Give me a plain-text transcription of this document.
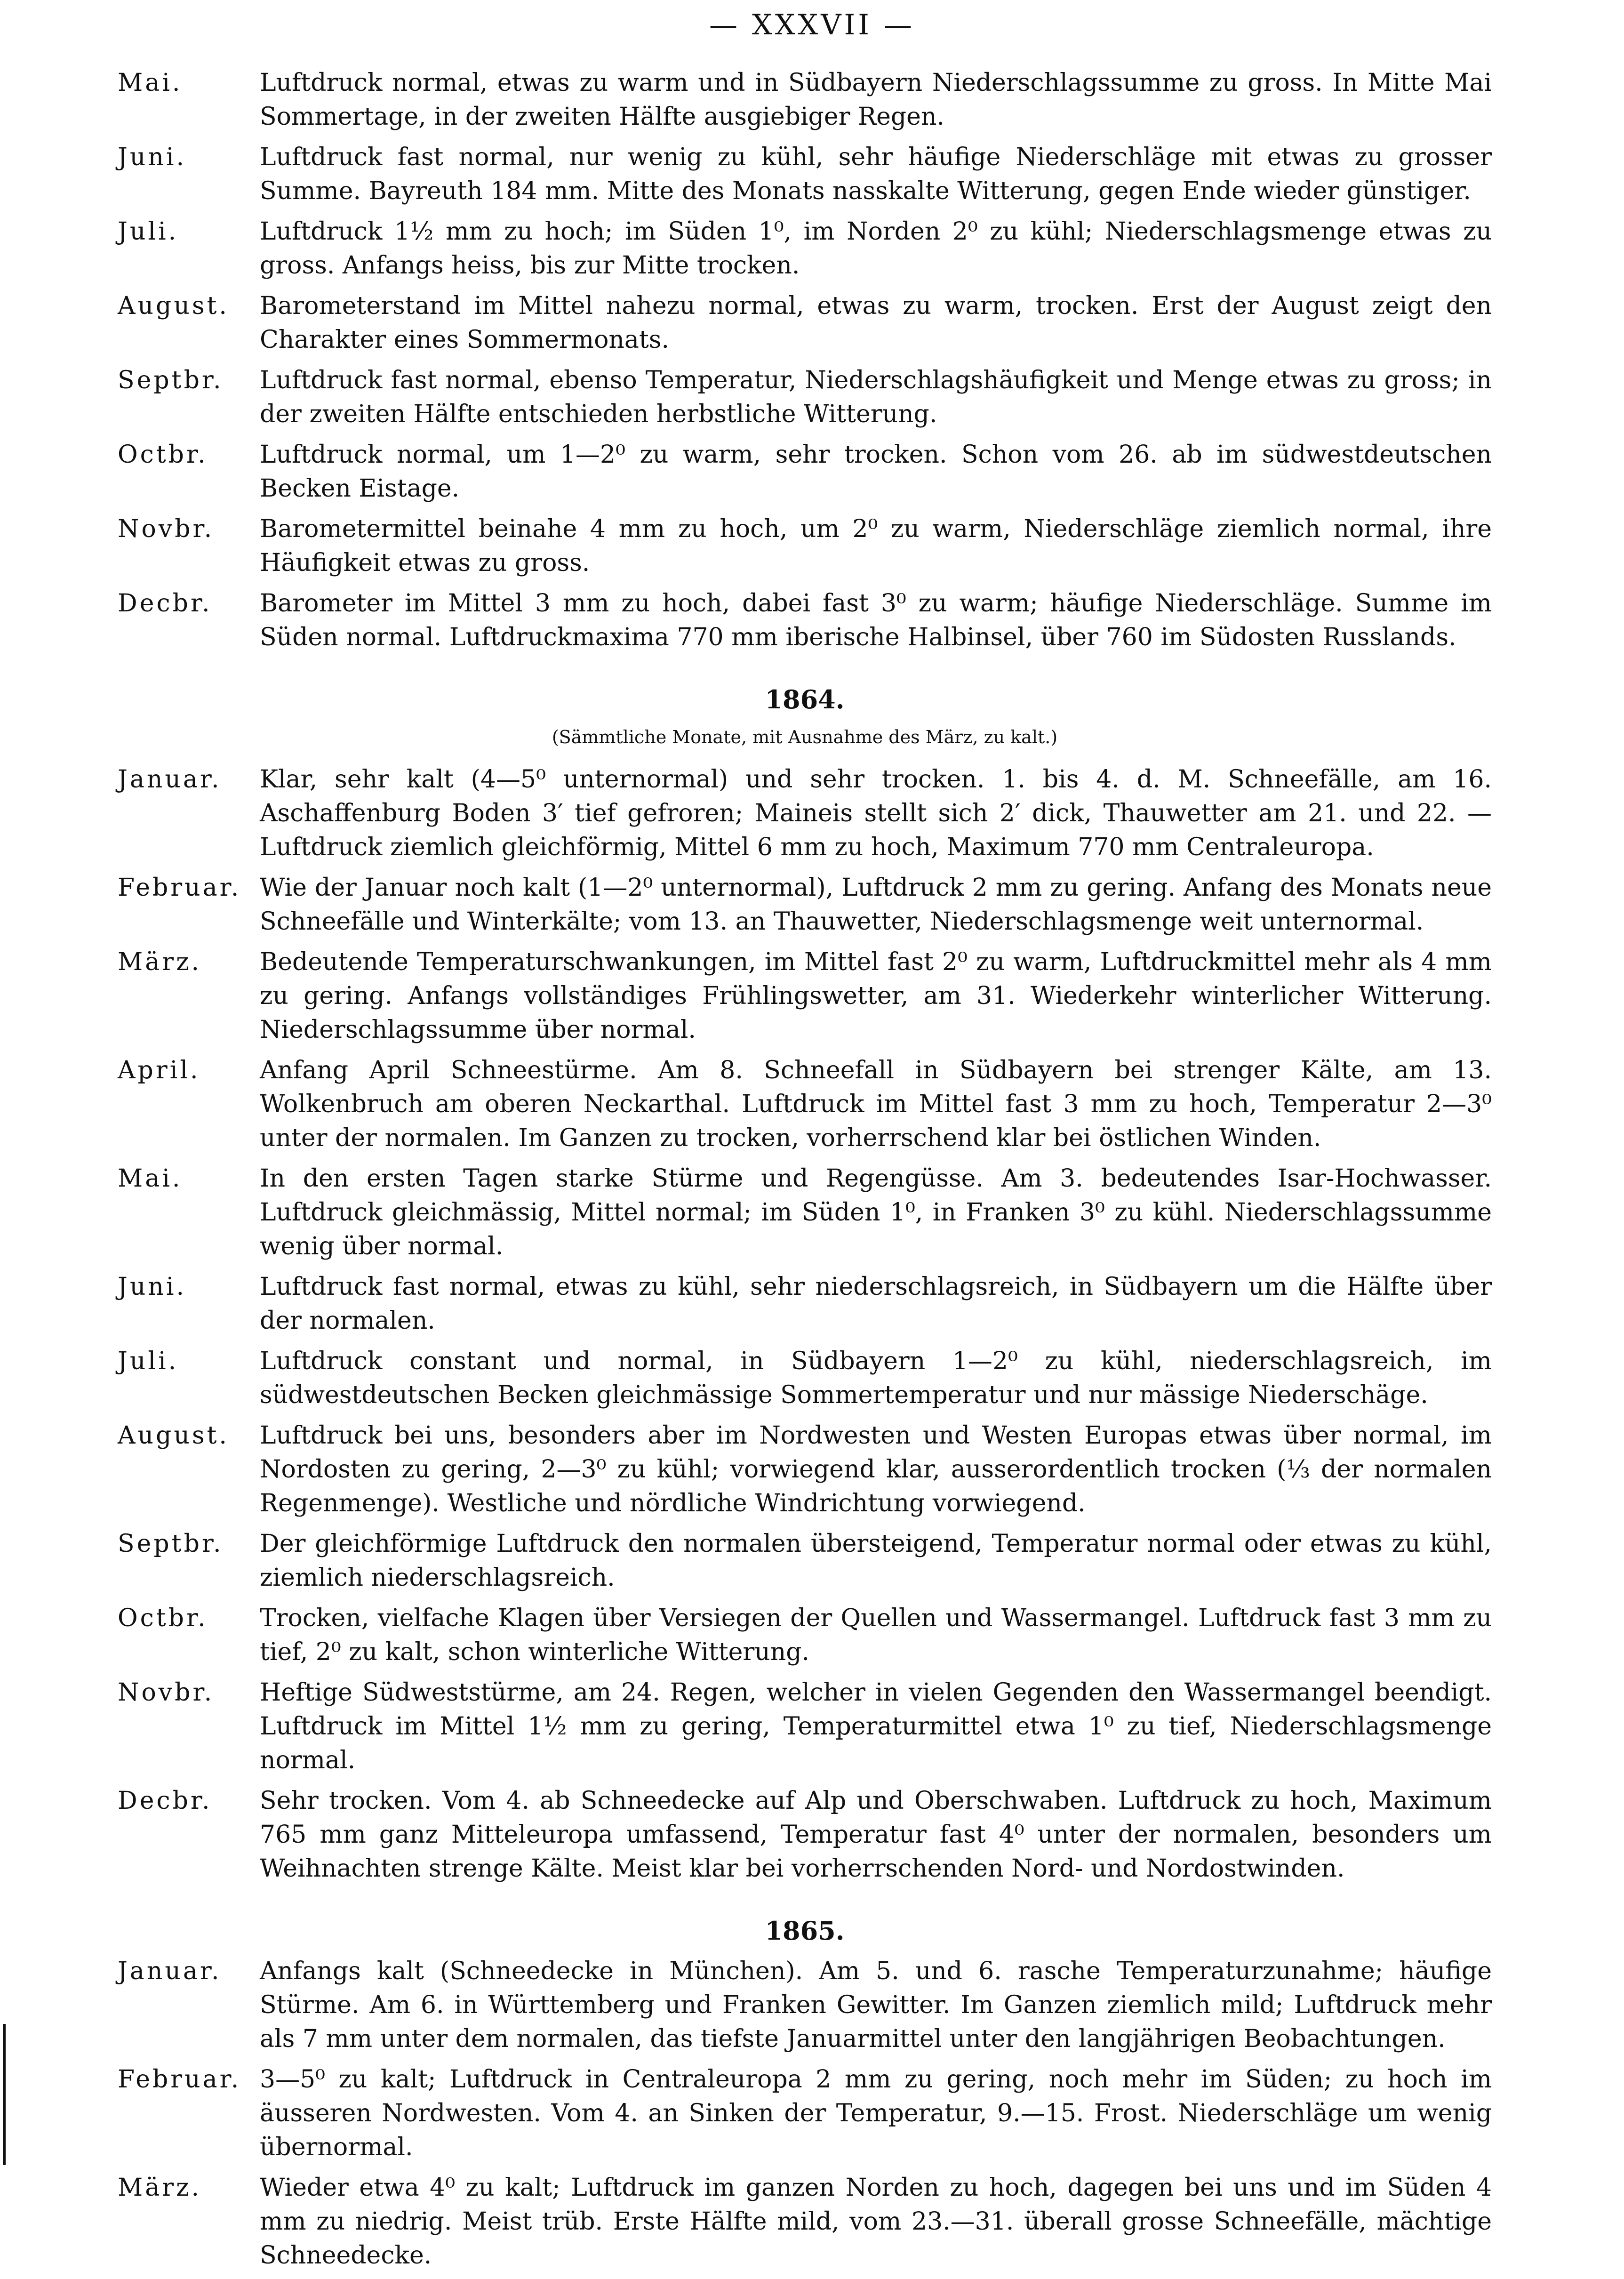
— XXXVII —
Mai.	Luftdruck normal, etwas zu warm und in Südbayern Niederschlagssumme zu gross. In Mitte Mai Sommertage, in der zweiten Hälfte ausgiebiger Regen.
Juni.	Luftdruck fast normal, nur wenig zu kühl, sehr häufige Niederschläge mit etwas zu grosser Summe. Bayreuth 184 mm. Mitte des Monats nasskalte Witterung, gegen Ende wieder günstiger.
Juli.	Luftdruck 1½ mm zu hoch; im Süden 1⁰, im Norden 2⁰ zu kühl; Niederschlagsmenge etwas zu gross. Anfangs heiss, bis zur Mitte trocken.
August.	Barometerstand im Mittel nahezu normal, etwas zu warm, trocken. Erst der August zeigt den Charakter eines Sommermonats.
Septbr.	Luftdruck fast normal, ebenso Temperatur, Niederschlagshäufigkeit und Menge etwas zu gross; in der zweiten Hälfte entschieden herbstliche Witterung.
Octbr.	Luftdruck normal, um 1—2⁰ zu warm, sehr trocken. Schon vom 26. ab im südwestdeutschen Becken Eistage.
Novbr.	Barometermittel beinahe 4 mm zu hoch, um 2⁰ zu warm, Niederschläge ziemlich normal, ihre Häufigkeit etwas zu gross.
Decbr.	Barometer im Mittel 3 mm zu hoch, dabei fast 3⁰ zu warm; häufige Niederschläge. Summe im Süden normal. Luftdruckmaxima 770 mm iberische Halbinsel, über 760 im Südosten Russlands.
1864.
(Sämmtliche Monate, mit Ausnahme des März, zu kalt.)
Januar.	Klar, sehr kalt (4—5⁰ unternormal) und sehr trocken. 1. bis 4. d. M. Schneefälle, am 16. Aschaffenburg Boden 3′ tief gefroren; Maineis stellt sich 2′ dick, Thauwetter am 21. und 22. — Luftdruck ziemlich gleichförmig, Mittel 6 mm zu hoch, Maximum 770 mm Centraleuropa.
Februar. Wie der Januar noch kalt (1—2⁰ unternormal), Luftdruck 2 mm zu gering. Anfang des Monats neue Schneefälle und Winterkälte; vom 13. an Thauwetter, Niederschlagsmenge weit unternormal.
März.	Bedeutende Temperaturschwankungen, im Mittel fast 2⁰ zu warm, Luftdruckmittel mehr als 4 mm zu gering. Anfangs vollständiges Frühlingswetter, am 31. Wiederkehr winterlicher Witterung. Niederschlagssumme über normal.
April.	Anfang April Schneestürme. Am 8. Schneefall in Südbayern bei strenger Kälte, am 13. Wolkenbruch am oberen Neckarthal. Luftdruck im Mittel fast 3 mm zu hoch, Temperatur 2—3⁰ unter der normalen. Im Ganzen zu trocken, vorherrschend klar bei östlichen Winden.
Mai.	In den ersten Tagen starke Stürme und Regengüsse. Am 3. bedeutendes Isar-Hochwasser. Luftdruck gleichmässig, Mittel normal; im Süden 1⁰, in Franken 3⁰ zu kühl. Niederschlagssumme wenig über normal.
Juni.	Luftdruck fast normal, etwas zu kühl, sehr niederschlagsreich, in Südbayern um die Hälfte über der normalen.
Juli.	Luftdruck constant und normal, in Südbayern 1—2⁰ zu kühl, niederschlagsreich, im südwestdeutschen Becken gleichmässige Sommertemperatur und nur mässige Niederschäge.
August.	Luftdruck bei uns, besonders aber im Nordwesten und Westen Europas etwas über normal, im Nordosten zu gering, 2—3⁰ zu kühl; vorwiegend klar, ausserordentlich trocken (⅓ der normalen Regenmenge). Westliche und nördliche Windrichtung vorwiegend.
Septbr.	Der gleichförmige Luftdruck den normalen übersteigend, Temperatur normal oder etwas zu kühl, ziemlich niederschlagsreich.
Octbr.	Trocken, vielfache Klagen über Versiegen der Quellen und Wassermangel. Luftdruck fast 3 mm zu tief, 2⁰ zu kalt, schon winterliche Witterung.
Novbr.	Heftige Südweststürme, am 24. Regen, welcher in vielen Gegenden den Wassermangel beendigt. Luftdruck im Mittel 1½ mm zu gering, Temperaturmittel etwa 1⁰ zu tief, Niederschlagsmenge normal.
Decbr.	Sehr trocken. Vom 4. ab Schneedecke auf Alp und Oberschwaben. Luftdruck zu hoch, Maximum 765 mm ganz Mitteleuropa umfassend, Temperatur fast 4⁰ unter der normalen, besonders um Weihnachten strenge Kälte. Meist klar bei vorherrschenden Nord- und Nordostwinden.
1865.
Januar.	Anfangs kalt (Schneedecke in München). Am 5. und 6. rasche Temperaturzunahme; häufige Stürme. Am 6. in Württemberg und Franken Gewitter. Im Ganzen ziemlich mild; Luftdruck mehr als 7 mm unter dem normalen, das tiefste Januarmittel unter den langjährigen Beobachtungen.
Februar. 3—5⁰ zu kalt; Luftdruck in Centraleuropa 2 mm zu gering, noch mehr im Süden; zu hoch im äusseren Nordwesten. Vom 4. an Sinken der Temperatur, 9.—15. Frost. Niederschläge um wenig übernormal.
März.	Wieder etwa 4⁰ zu kalt; Luftdruck im ganzen Norden zu hoch, dagegen bei uns und im Süden 4 mm zu niedrig. Meist trüb. Erste Hälfte mild, vom 23.—31. überall grosse Schneefälle, mächtige Schneedecke.
